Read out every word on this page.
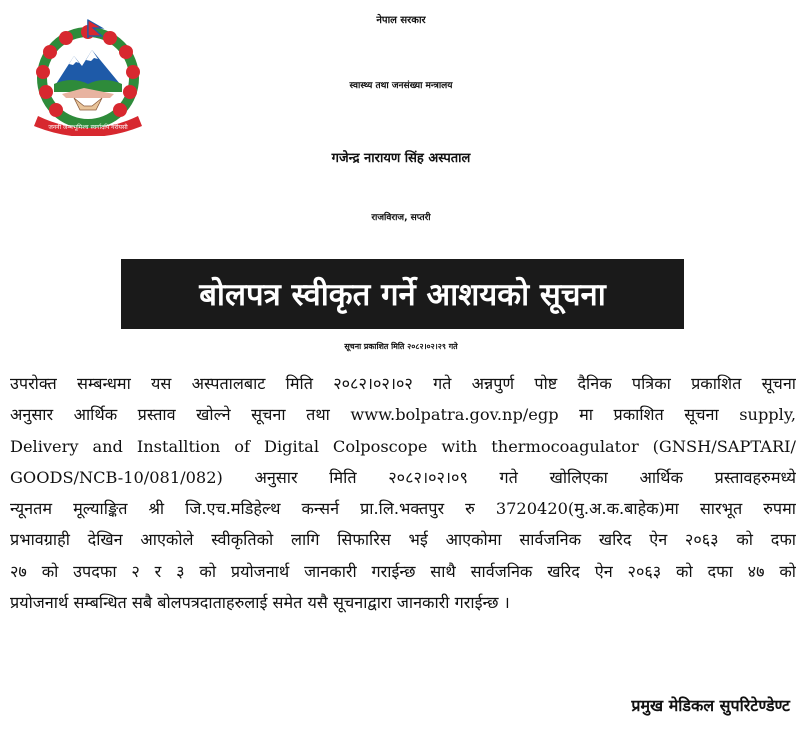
जननी जन्मभूमिश्च स्वर्गादपि गरीयसी
नेपाल सरकार
स्वास्थ्य तथा जनसंख्या मन्त्रालय
गजेन्द्र नारायण सिंह अस्पताल
राजविराज, सप्तरी
बोलपत्र स्वीकृत गर्ने आशयको सूचना
सूचना प्रकाशित मिति २०८२।०२।२९ गते
उपरोक्त सम्बन्धमा यस अस्पतालबाट मिति २०८२।०२।०२ गते अन्नपुर्ण पोष्ट दैनिक पत्रिका प्रकाशित सूचना
अनुसार आर्थिक प्रस्ताव खोल्ने सूचना तथा www.bolpatra.gov.np/egp मा प्रकाशित सूचना supply,
Delivery and Installtion of Digital Colposcope with thermocoagulator (GNSH/SAPTARI/
GOODS/NCB-10/081/082) अनुसार मिति २०८२।०२।०९ गते खोलिएका आर्थिक प्रस्तावहरुमध्ये
न्यूनतम मूल्याङ्कित श्री जि.एच.मडिहेल्थ कन्सर्न प्रा.लि.भक्तपुर रु 3720420(मु.अ.क.बाहेक)मा सारभूत रुपमा
प्रभावग्राही देखिन आएकोले स्वीकृतिको लागि सिफारिस भई आएकोमा सार्वजनिक खरिद ऐन २०६३ को दफा
२७ को उपदफा २ र ३ को प्रयोजनार्थ जानकारी गराईन्छ साथै सार्वजनिक खरिद ऐन २०६३ को दफा ४७ को
प्रयोजनार्थ सम्बन्धित सबै बोलपत्रदाताहरुलाई समेत यसै सूचनाद्वारा जानकारी गराईन्छ ।
प्रमुख मेडिकल सुपरिटेण्डेण्ट
